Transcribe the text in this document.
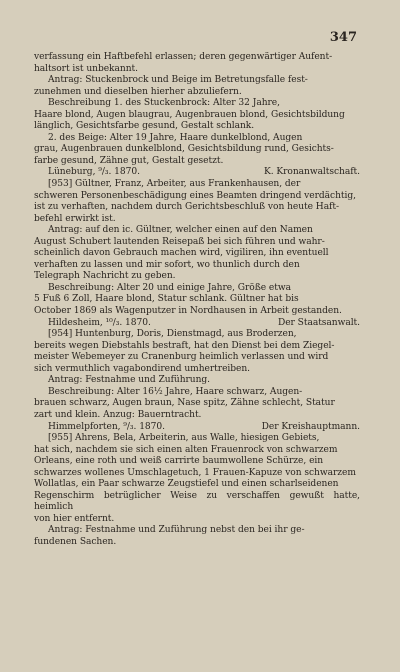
347

verfassung ein Haftbefehl erlassen; deren gegenwärtiger Aufent-

haltsort ist unbekannt.

Antrag: Stuckenbrock und Beige im Betretungsfalle fest-

zunehmen und dieselben hierher abzuliefern.

Beschreibung 1. des Stuckenbrock: Alter 32 Jahre,

Haare blond, Augen blaugrau, Augenbrauen blond, Gesichtsbildung

länglich, Gesichtsfarbe gesund, Gestalt schlank.

2. des Beige: Alter 19 Jahre, Haare dunkelblond, Augen

grau, Augenbrauen dunkelblond, Gesichtsbildung rund, Gesichts-

farbe gesund, Zähne gut, Gestalt gesetzt.

Lüneburg, ⁹/₃. 1870.	K. Kronanwaltschaft.

[953] Gültner, Franz, Arbeiter, aus Frankenhausen, der

schweren Personenbeschädigung eines Beamten dringend verdächtig,

ist zu verhaften, nachdem durch Gerichtsbeschluß von heute Haft-

befehl erwirkt ist.

Antrag: auf den ic. Gültner, welcher einen auf den Namen

August Schubert lautenden Reisepaß bei sich führen und wahr-

scheinlich davon Gebrauch machen wird, vigiliren, ihn eventuell

verhaften zu lassen und mir sofort, wo thunlich durch den

Telegraph Nachricht zu geben.

Beschreibung: Alter 20 und einige Jahre, Größe etwa

5 Fuß 6 Zoll, Haare blond, Statur schlank. Gültner hat bis

October 1869 als Wagenputzer in Nordhausen in Arbeit gestanden.

Hildesheim, ¹⁰/₃. 1870.	Der Staatsanwalt.

[954] Huntenburg, Doris, Dienstmagd, aus Broderzen,

bereits wegen Diebstahls bestraft, hat den Dienst bei dem Ziegel-

meister Webemeyer zu Cranenburg heimlich verlassen und wird

sich vermuthlich vagabondirend umhertreiben.

Antrag: Festnahme und Zuführung.

Beschreibung: Alter 16½ Jahre, Haare schwarz, Augen-

brauen schwarz, Augen braun, Nase spitz, Zähne schlecht, Statur

zart und klein. Anzug: Bauerntracht.

Himmelpforten, ⁹/₃. 1870.	Der Kreishauptmann.

[955] Ahrens, Bela, Arbeiterin, aus Walle, hiesigen Gebiets,

hat sich, nachdem sie sich einen alten Frauenrock von schwarzem

Orleans, eine roth und weiß carrirte baumwollene Schürze, ein

schwarzes wollenes Umschlagetuch, 1 Frauen-Kapuze von schwarzem

Wollatlas, ein Paar schwarze Zeugstiefel und einen scharlseidenen

Regenschirm betrüglicher Weise zu verschaffen gewußt hatte, heimlich

von hier entfernt.

Antrag: Festnahme und Zuführung nebst den bei ihr ge-

fundenen Sachen.
